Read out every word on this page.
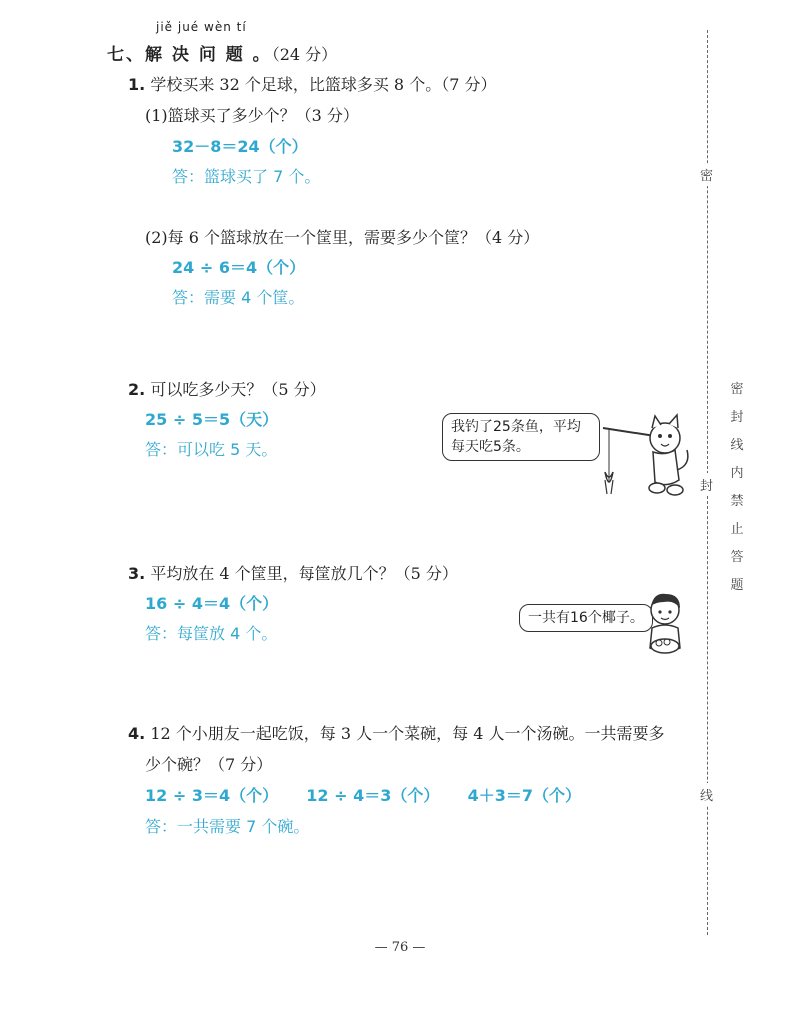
jiě jué wèn tí
七、解 决 问 题 。（24 分）
1. 学校买来 32 个足球，比篮球多买 8 个。（7 分）
(1)篮球买了多少个？（3 分）
32－8＝24（个）
答：篮球买了 7 个。
(2)每 6 个篮球放在一个筐里，需要多少个筐？（4 分）
24 ÷ 6＝4（个）
答：需要 4 个筐。
2. 可以吃多少天？（5 分）
25 ÷ 5＝5（天）
答：可以吃 5 天。
我钓了25条鱼，平均
每天吃5条。
3. 平均放在 4 个筐里，每筐放几个？（5 分）
16 ÷ 4＝4（个）
答：每筐放 4 个。
一共有16个椰子。
4. 12 个小朋友一起吃饭，每 3 人一个菜碗，每 4 人一个汤碗。一共需要多
少个碗？（7 分）
12 ÷ 3＝4（个） 12 ÷ 4＝3（个） 4＋3＝7（个）
答：一共需要 7 个碗。
密
封
线
密
封
线
内
禁
止
答
题
— 76 —
